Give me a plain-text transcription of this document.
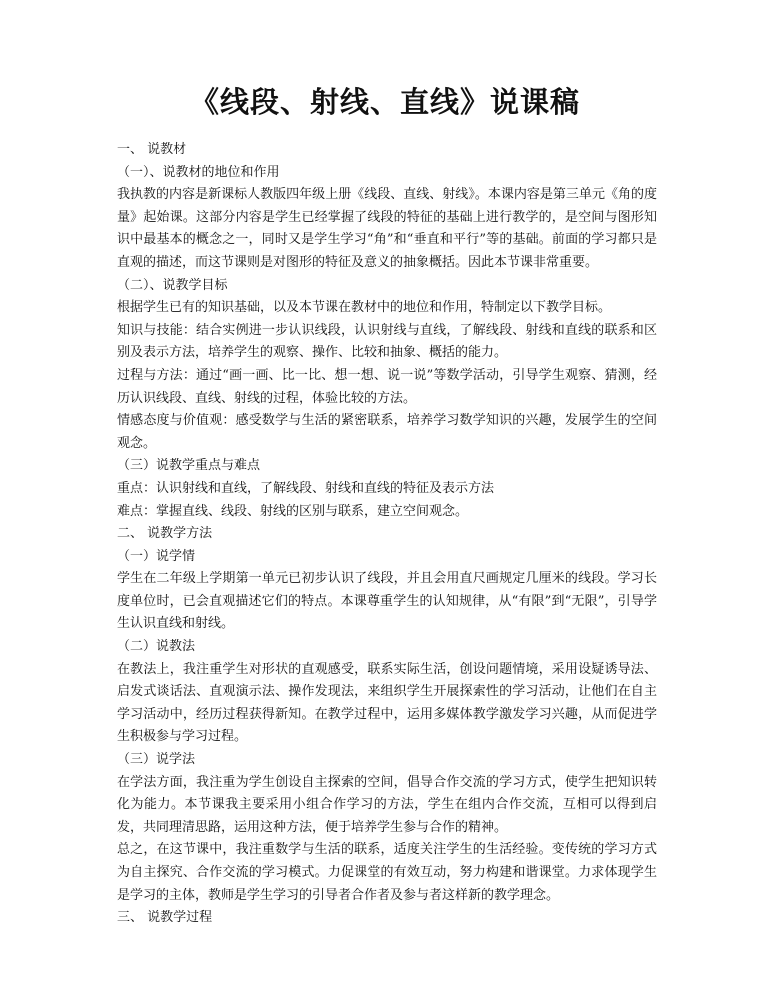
《线段、射线、直线》说课稿

一、 说教材

（一）、说教材的地位和作用

我执教的内容是新课标人教版四年级上册《线段、直线、射线》。本课内容是第三单元《角的度量》起始课。这部分内容是学生已经掌握了线段的特征的基础上进行教学的，是空间与图形知识中最基本的概念之一，同时又是学生学习“角”和“垂直和平行”等的基础。前面的学习都只是直观的描述，而这节课则是对图形的特征及意义的抽象概括。因此本节课非常重要。

（二）、说教学目标

根据学生已有的知识基础，以及本节课在教材中的地位和作用，特制定以下教学目标。

知识与技能：结合实例进一步认识线段，认识射线与直线，了解线段、射线和直线的联系和区别及表示方法，培养学生的观察、操作、比较和抽象、概括的能力。

过程与方法：通过“画一画、比一比、想一想、说一说”等数学活动，引导学生观察、猜测，经历认识线段、直线、射线的过程，体验比较的方法。

情感态度与价值观：感受数学与生活的紧密联系，培养学习数学知识的兴趣，发展学生的空间观念。

（三）说教学重点与难点

重点：认识射线和直线，了解线段、射线和直线的特征及表示方法

难点：掌握直线、线段、射线的区别与联系，建立空间观念。

二、 说教学方法

（一）说学情

学生在二年级上学期第一单元已初步认识了线段，并且会用直尺画规定几厘米的线段。学习长度单位时，已会直观描述它们的特点。本课尊重学生的认知规律，从“有限”到“无限”，引导学生认识直线和射线。

（二）说教法

在教法上，我注重学生对形状的直观感受，联系实际生活，创设问题情境，采用设疑诱导法、启发式谈话法、直观演示法、操作发现法，来组织学生开展探索性的学习活动，让他们在自主学习活动中，经历过程获得新知。在教学过程中，运用多媒体教学激发学习兴趣，从而促进学生积极参与学习过程。

（三）说学法

在学法方面，我注重为学生创设自主探索的空间，倡导合作交流的学习方式，使学生把知识转化为能力。本节课我主要采用小组合作学习的方法，学生在组内合作交流，互相可以得到启发，共同理清思路，运用这种方法，便于培养学生参与合作的精神。

总之，在这节课中，我注重数学与生活的联系，适度关注学生的生活经验。变传统的学习方式为自主探究、合作交流的学习模式。力促课堂的有效互动，努力构建和谐课堂。力求体现学生是学习的主体，教师是学生学习的引导者合作者及参与者这样新的教学理念。

三、 说教学过程
